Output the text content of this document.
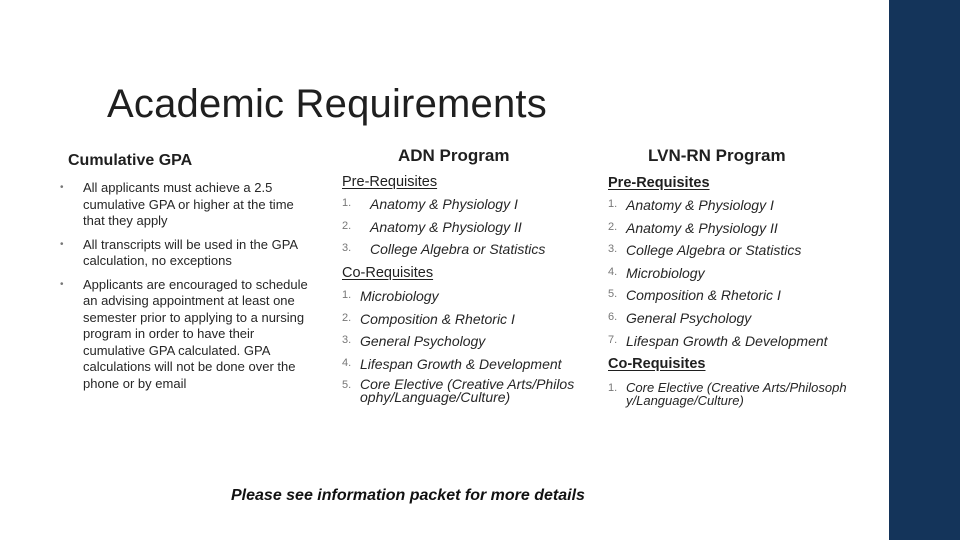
Academic Requirements
Cumulative GPA
• All applicants must achieve a 2.5 cumulative GPA or higher at the time that they apply
• All transcripts will be used in the GPA calculation, no exceptions
• Applicants are encouraged to schedule an advising appointment at least one semester prior to applying to a nursing program in order to have their cumulative GPA calculated. GPA calculations will not be done over the phone or by email
ADN Program
Pre-Requisites
1. Anatomy & Physiology I
2. Anatomy & Physiology II
3. College Algebra or Statistics
Co-Requisites
1. Microbiology
2. Composition & Rhetoric I
3. General Psychology
4. Lifespan Growth & Development
5. Core Elective (Creative Arts/Philosophy/Language/Culture)
LVN-RN Program
Pre-Requisites
1. Anatomy & Physiology I
2. Anatomy & Physiology II
3. College Algebra or Statistics
4. Microbiology
5. Composition & Rhetoric I
6. General Psychology
7. Lifespan Growth & Development
Co-Requisites
1. Core Elective (Creative Arts/Philosophy/Language/Culture)
Please see information packet for more details
